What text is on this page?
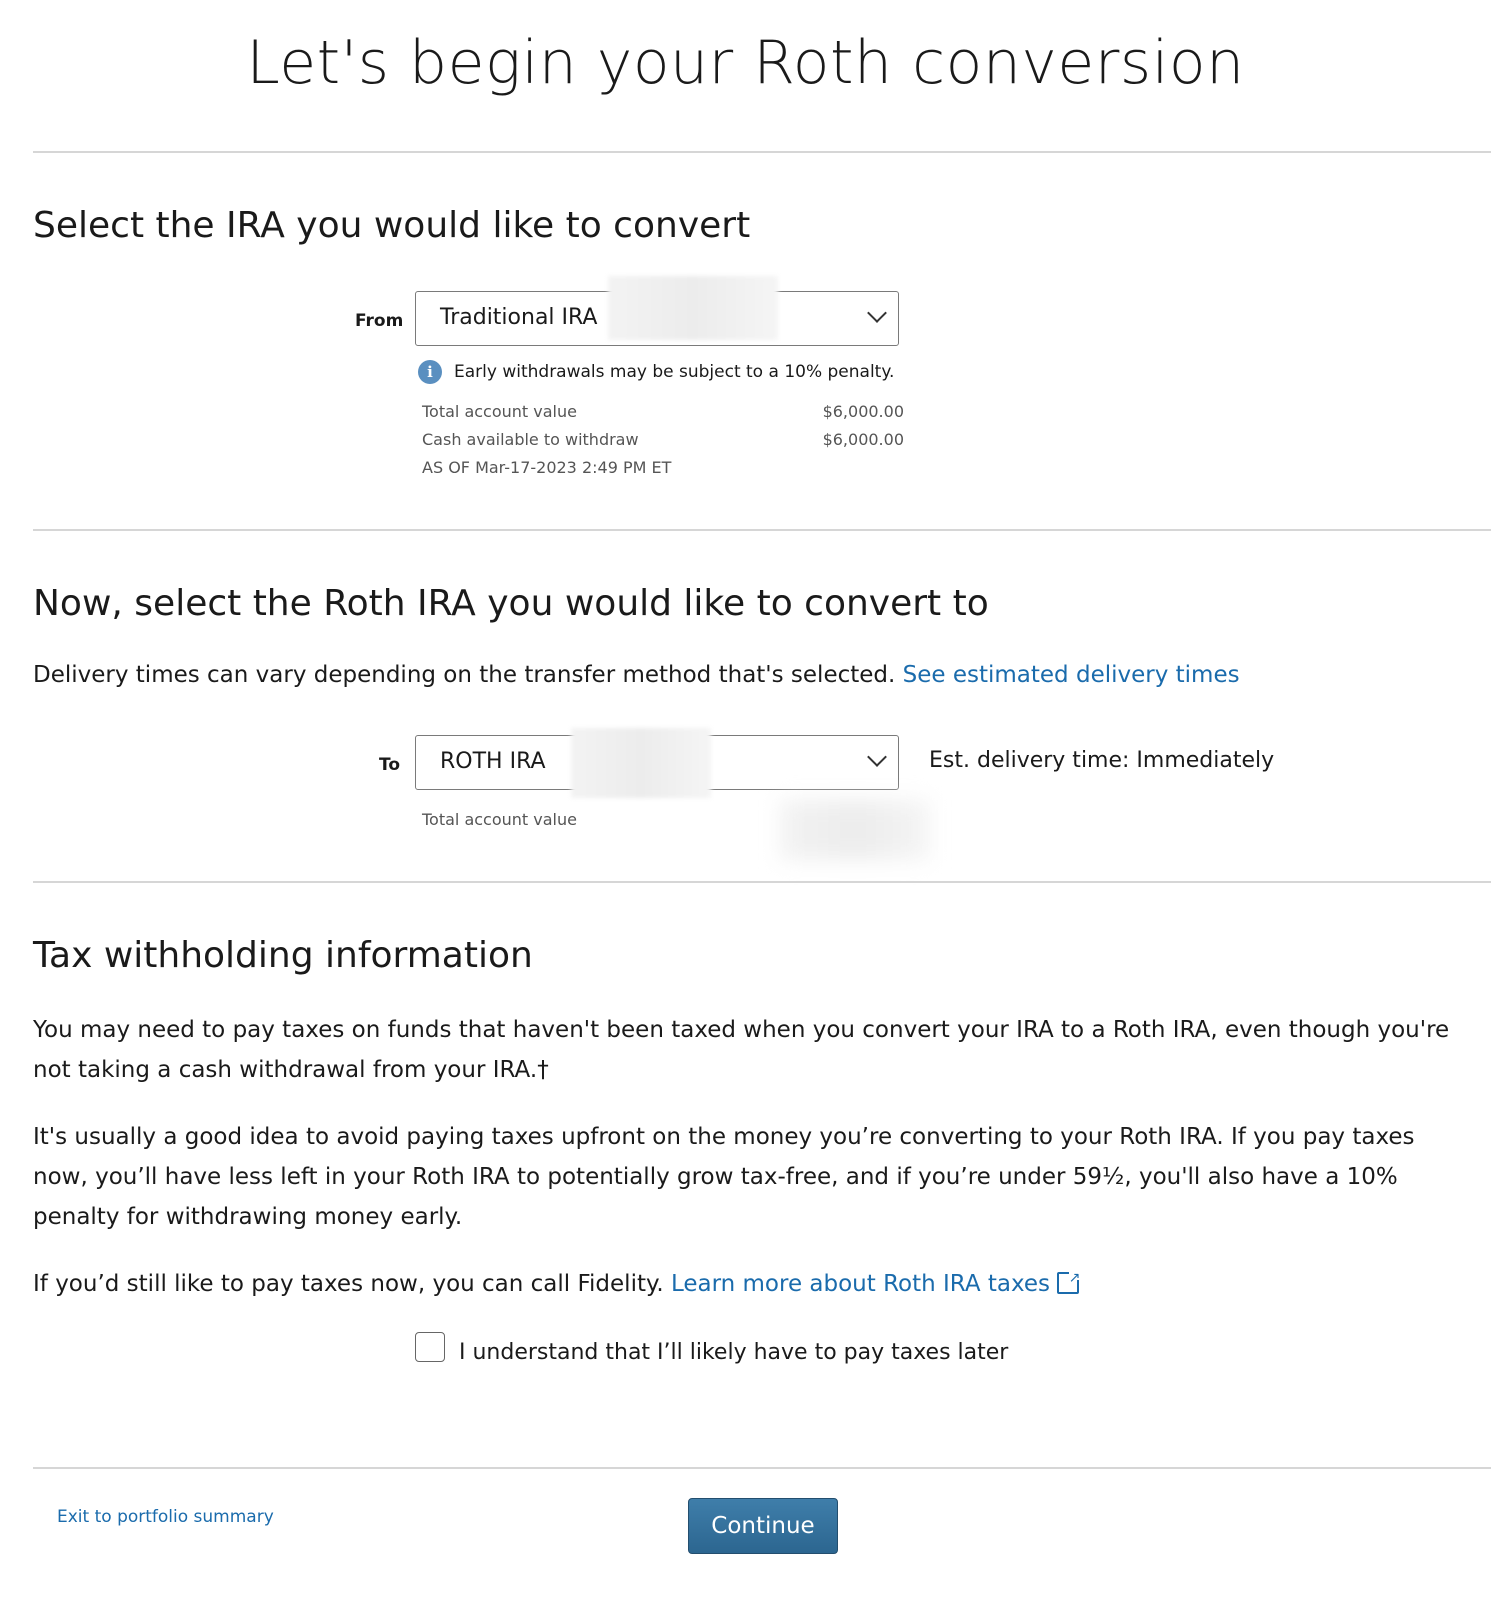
Let's begin your Roth conversion
Select the IRA you would like to convert
From	Traditional IRA
i	Early withdrawals may be subject to a 10% penalty.
Total account value	$6,000.00
Cash available to withdraw	$6,000.00
AS OF Mar-17-2023 2:49 PM ET
Now, select the Roth IRA you would like to convert to
Delivery times can vary depending on the transfer method that's selected. See estimated delivery times
To	ROTH IRA	Est. delivery time: Immediately
Total account value
Tax withholding information
You may need to pay taxes on funds that haven't been taxed when you convert your IRA to a Roth IRA, even though you're not taking a cash withdrawal from your IRA.†
It's usually a good idea to avoid paying taxes upfront on the money you’re converting to your Roth IRA. If you pay taxes now, you’ll have less left in your Roth IRA to potentially grow tax-free, and if you’re under 59½, you'll also have a 10% penalty for withdrawing money early.
If you’d still like to pay taxes now, you can call Fidelity. Learn more about Roth IRA taxes ↗
I understand that I’ll likely have to pay taxes later
Exit to portfolio summary	Continue
